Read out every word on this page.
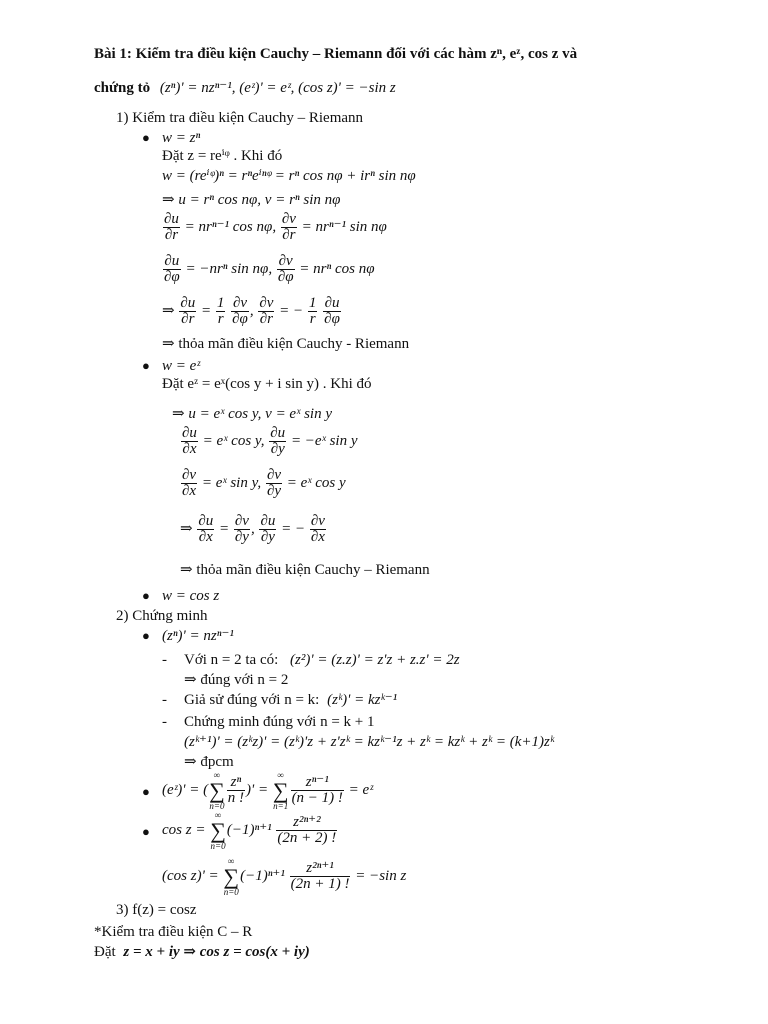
Bài 1: Kiểm tra điều kiện Cauchy – Riemann đối với các hàm zⁿ, eᶻ, cos z và
chứng tỏ (zⁿ)' = nzⁿ⁻¹, (eᶻ)' = eᶻ, (cos z)' = −sin z
1) Kiểm tra điều kiện Cauchy – Riemann
● w = zⁿ
Đặt z = reⁱᵠ . Khi đó
w = (reⁱᵠ)ⁿ = rⁿeⁱⁿᵠ = rⁿ cos nφ + irⁿ sin nφ
⇒ u = rⁿ cos nφ, v = rⁿ sin nφ
$\frac{\partial u}{\partial r} = nr^{n-1}$ cos nφ, $\frac{\partial v}{\partial r} = nr^{n-1}$ sin nφ
$\frac{\partial u}{\partial\varphi} = -nr^n$ sin nφ, $\frac{\partial v}{\partial\varphi} = nr^n$ cos nφ
⇒ $\frac{\partial u}{\partial r} = \frac{1}{r}$
$\frac{\partial v}{\partial\varphi}$ , $\frac{\partial v}{\partial r}$ = − $\frac{1}{r}$
$\frac{\partial u}{\partial\varphi}$
⇒ thỏa mãn điều kiện Cauchy - Riemann
● w = eᶻ
Đặt eᶻ = eˣ(cos y + i sin y) . Khi đó
⇒ u = eˣ cos y, v = eˣ sin y
$\frac{\partial u}{\partial x}$ = eˣ cos y, $\frac{\partial u}{\partial y}$ = −eˣ sin y
$\frac{\partial v}{\partial x}$ = eˣ sin y, $\frac{\partial v}{\partial y}$ = eˣ cos y
⇒ $\frac{\partial u}{\partial x} = \frac{\partial v}{\partial y}$ , $\frac{\partial u}{\partial y}$ = − $\frac{\partial v}{\partial x}$
⇒ thỏa mãn điều kiện Cauchy – Riemann
● w = cos z
2) Chứng minh
● (zⁿ)' = nzⁿ⁻¹
- Với n = 2 ta có: (z²)' = (z.z)' = z'z + z.z' = 2z
⇒ đúng với n = 2
- Giả sử đúng với n = k: (zᵏ)' = kzᵏ⁻¹
- Chứng minh đúng với n = k + 1
(zᵏ⁺¹)' = (zᵏz)' = (zᵏ)'z + z'zᵏ = kzᵏ⁻¹z + zᵏ = kzᵏ + zᵏ = (k+1)zᵏ
⇒ đpcm
● (eᶻ)' = (
∞
∑
$n=0 \frac{\text{zⁿ}}{n !}$ )' =
∞
∑
$n=1 \frac{\text{zⁿ⁻¹}}{(n - 1) !}$ = eᶻ
● cos z =
∞
∑
n=0
$(-1)^{n+1} \frac{\text{z²ⁿ⁺²}}{(2n + 2) !}$
(cos z)' =
∞
∑
n=0
$(-1)^{n+1} \frac{\text{z²ⁿ⁺¹}}{(2n + 1) !} = -\sin$ z
3) f(z) = cosz
*Kiểm tra điều kiện C – R
Đặt z = x + iy ⇒ cos z = cos(x + iy)
